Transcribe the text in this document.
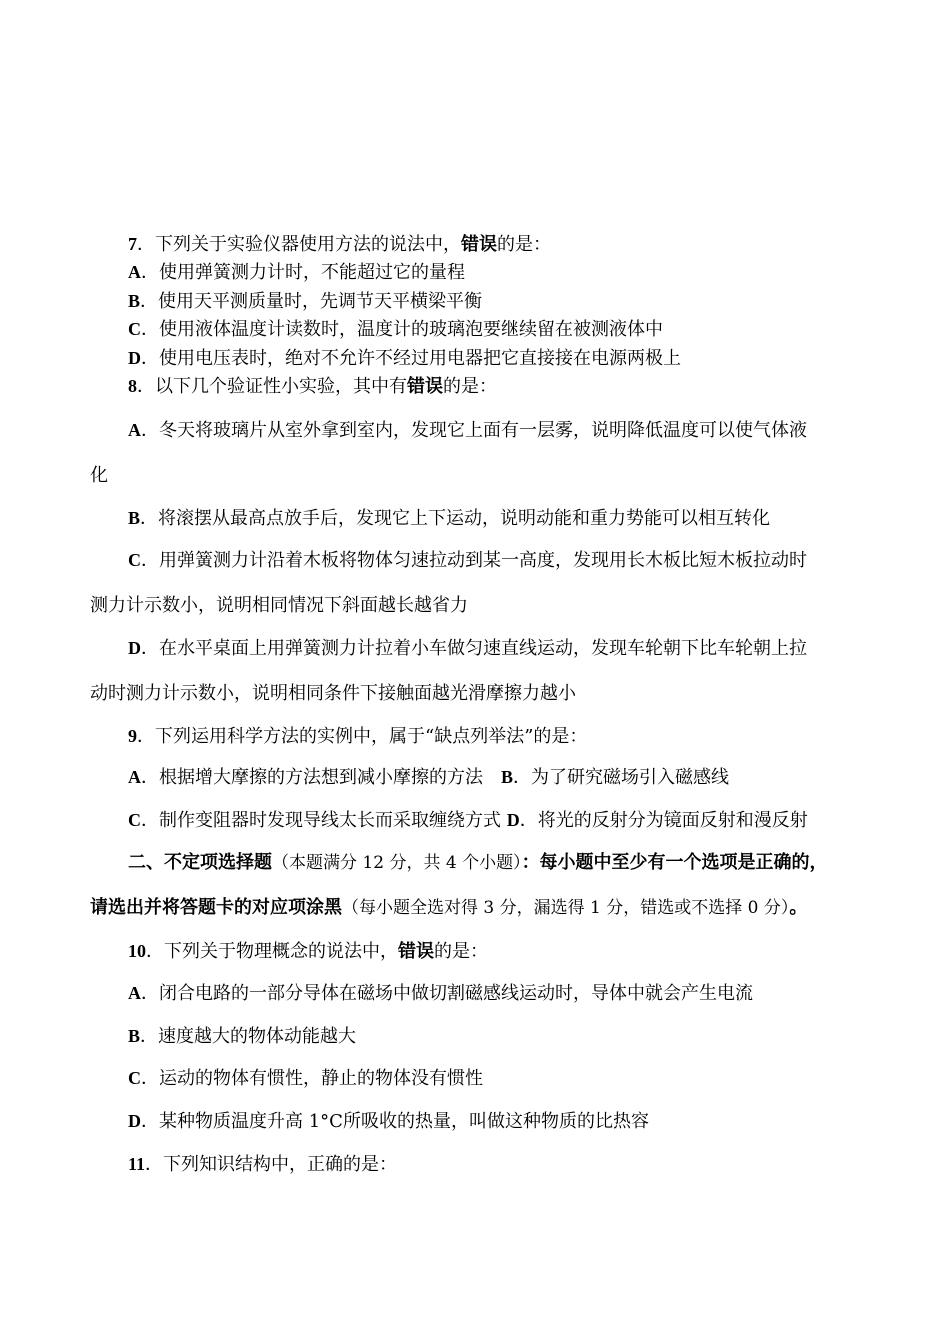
7．下列关于实验仪器使用方法的说法中，错误的是：
A．使用弹簧测力计时，不能超过它的量程
B．使用天平测质量时，先调节天平横梁平衡
C．使用液体温度计读数时，温度计的玻璃泡要继续留在被测液体中
D．使用电压表时，绝对不允许不经过用电器把它直接接在电源两极上
8．以下几个验证性小实验，其中有错误的是：
A．冬天将玻璃片从室外拿到室内，发现它上面有一层雾，说明降低温度可以使气体液
化
B．将滚摆从最高点放手后，发现它上下运动，说明动能和重力势能可以相互转化
C．用弹簧测力计沿着木板将物体匀速拉动到某一高度，发现用长木板比短木板拉动时
测力计示数小，说明相同情况下斜面越长越省力
D．在水平桌面上用弹簧测力计拉着小车做匀速直线运动，发现车轮朝下比车轮朝上拉
动时测力计示数小，说明相同条件下接触面越光滑摩擦力越小
9．下列运用科学方法的实例中，属于“缺点列举法”的是：
A．根据增大摩擦的方法想到减小摩擦的方法　B．为了研究磁场引入磁感线
C．制作变阻器时发现导线太长而采取缠绕方式 D．将光的反射分为镜面反射和漫反射
二、不定项选择题（本题满分 12 分，共 4 个小题）：每小题中至少有一个选项是正确的，
请选出并将答题卡的对应项涂黑（每小题全选对得 3 分，漏选得 1 分，错选或不选择 0 分）。
10．下列关于物理概念的说法中，错误的是：
A．闭合电路的一部分导体在磁场中做切割磁感线运动时，导体中就会产生电流
B．速度越大的物体动能越大
C．运动的物体有惯性，静止的物体没有惯性
D．某种物质温度升高 1°C所吸收的热量，叫做这种物质的比热容
11．下列知识结构中，正确的是：
